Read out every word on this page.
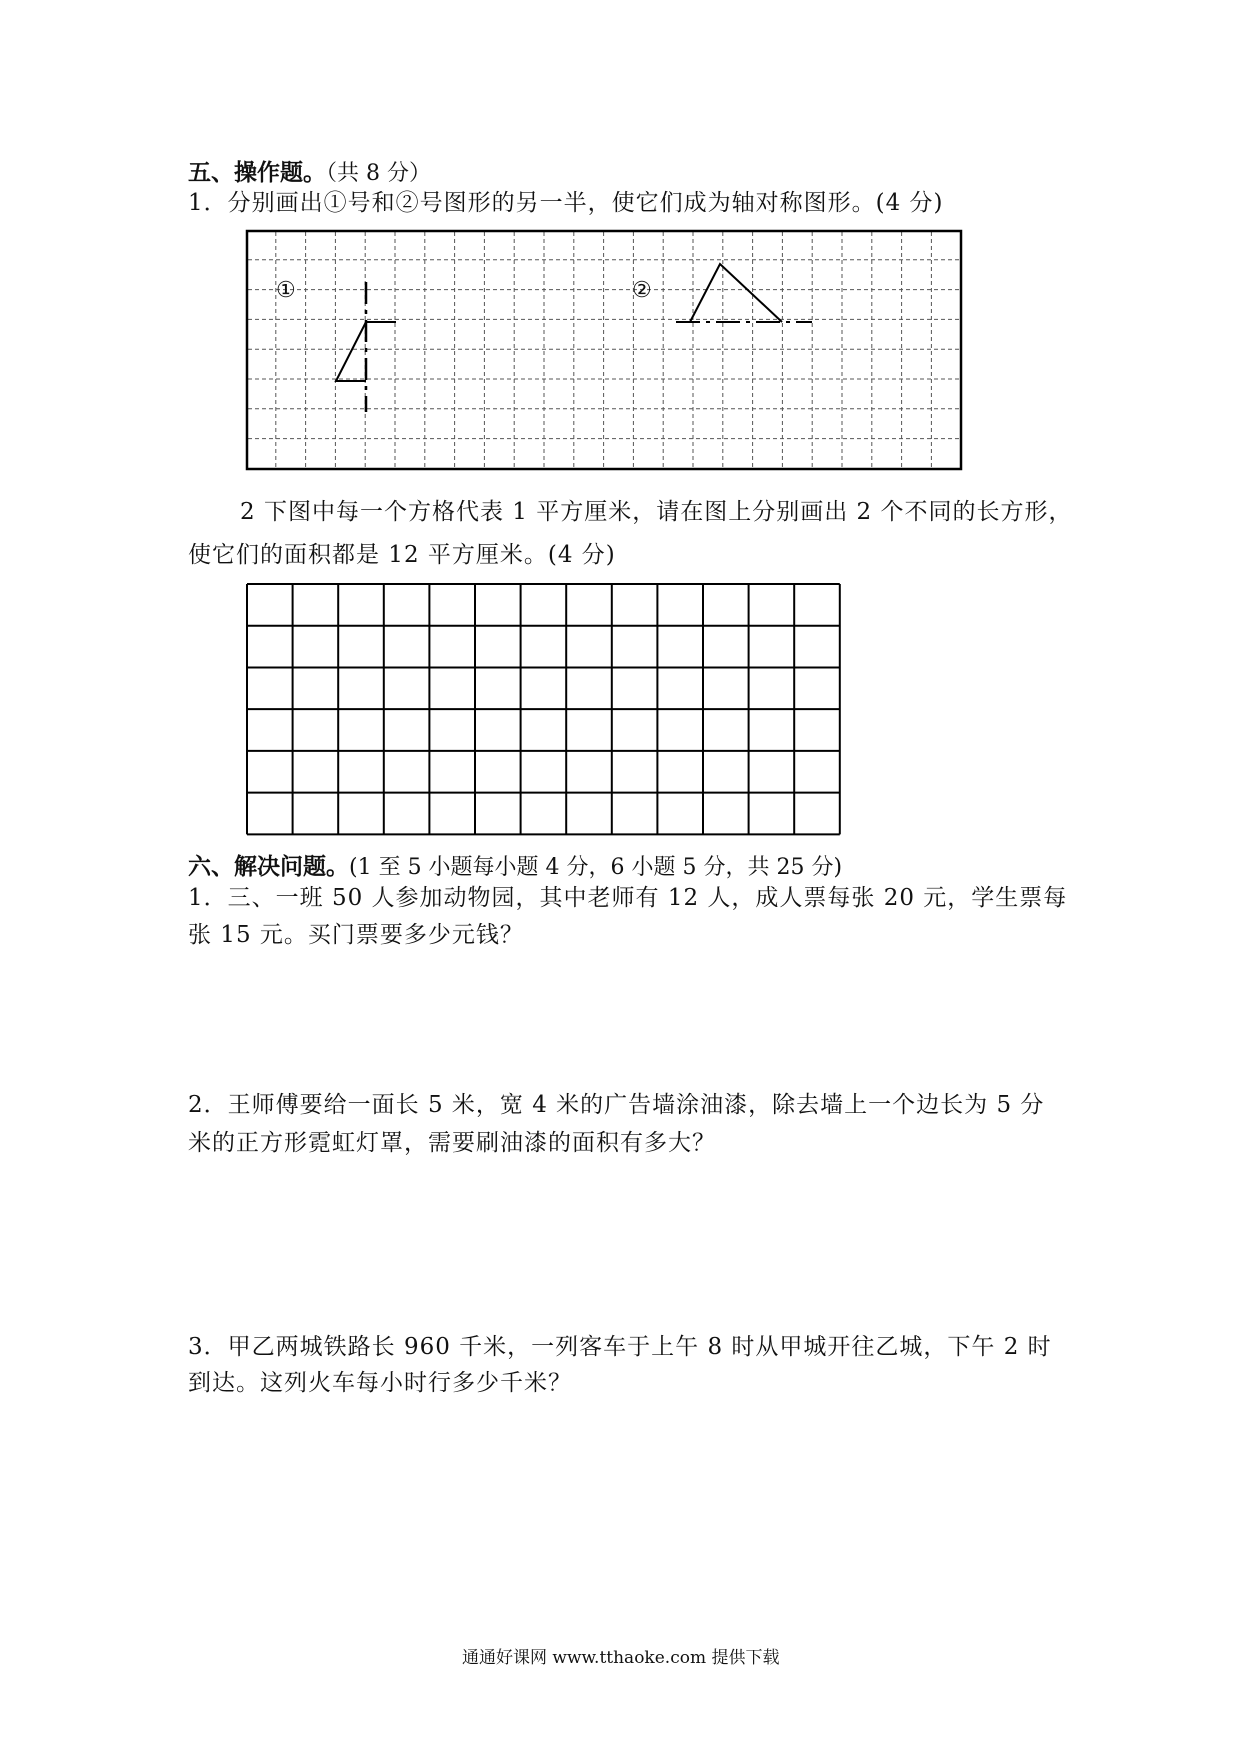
五、操作题。（共 8 分）
1．分别画出①号和②号图形的另一半，使它们成为轴对称图形。(4 分)
①	②
2 下图中每一个方格代表 1 平方厘米，请在图上分别画出 2 个不同的长方形，
使它们的面积都是 12 平方厘米。(4 分)
六、解决问题。(1 至 5 小题每小题 4 分，6 小题 5 分，共 25 分)
1．三、一班 50 人参加动物园，其中老师有 12 人，成人票每张 20 元，学生票每
张 15 元。买门票要多少元钱？
2．王师傅要给一面长 5 米，宽 4 米的广告墙涂油漆，除去墙上一个边长为 5 分
米的正方形霓虹灯罩，需要刷油漆的面积有多大？
3．甲乙两城铁路长 960 千米，一列客车于上午 8 时从甲城开往乙城，下午 2 时
到达。这列火车每小时行多少千米？
通通好课网 www.tthaoke.com 提供下载
